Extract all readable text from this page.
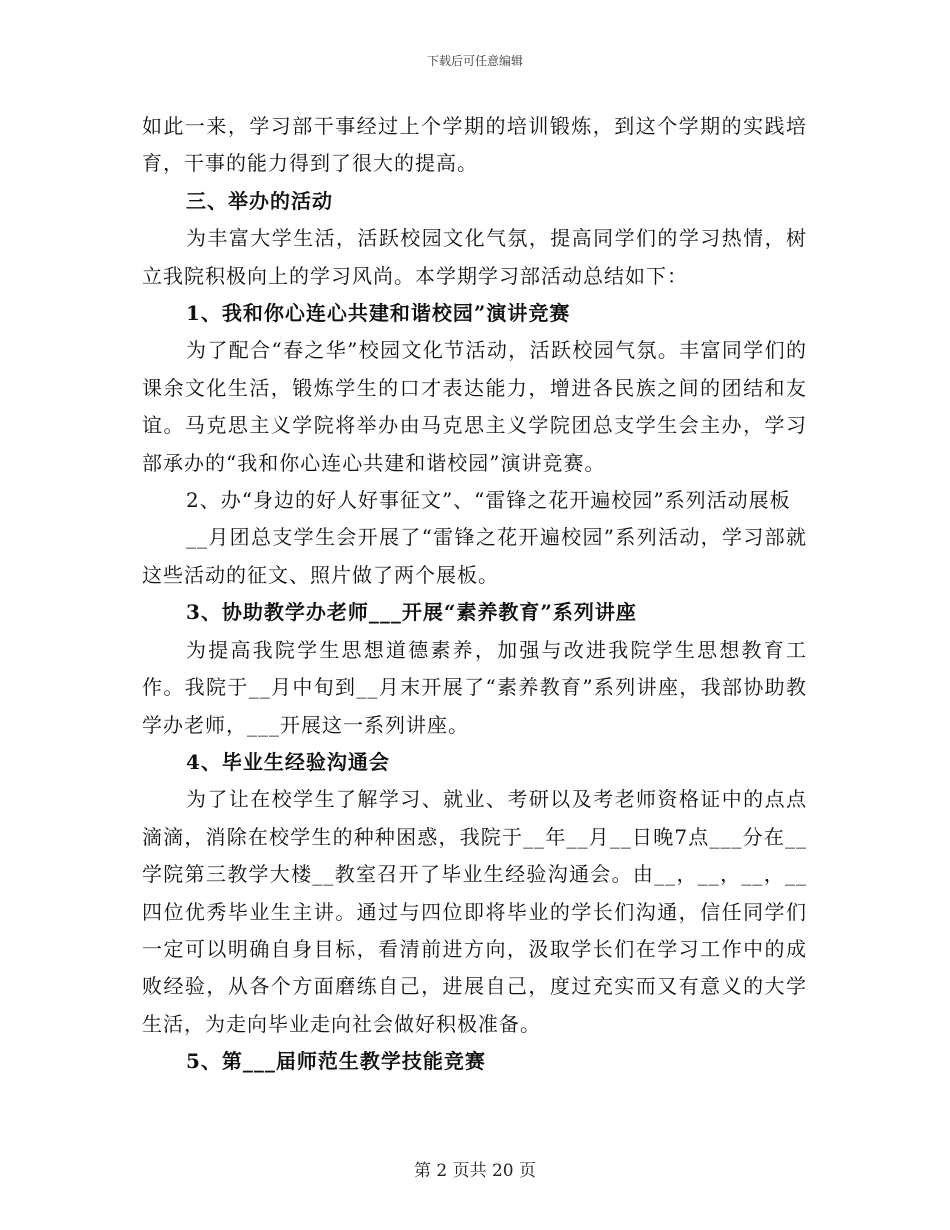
下载后可任意编辑

如此一来，学习部干事经过上个学期的培训锻炼，到这个学期的实践培育，干事的能力得到了很大的提高。

三、举办的活动

为丰富大学生活，活跃校园文化气氛，提高同学们的学习热情，树立我院积极向上的学习风尚。本学期学习部活动总结如下：

1、我和你心连心共建和谐校园”演讲竞赛

为了配合“春之华”校园文化节活动，活跃校园气氛。丰富同学们的课余文化生活，锻炼学生的口才表达能力，增进各民族之间的团结和友谊。马克思主义学院将举办由马克思主义学院团总支学生会主办，学习部承办的“我和你心连心共建和谐校园”演讲竞赛。

2、办“身边的好人好事征文”、“雷锋之花开遍校园”系列活动展板

__月团总支学生会开展了“雷锋之花开遍校园”系列活动，学习部就这些活动的征文、照片做了两个展板。

3、协助教学办老师___开展“素养教育”系列讲座

为提高我院学生思想道德素养，加强与改进我院学生思想教育工作。我院于__月中旬到__月末开展了“素养教育”系列讲座，我部协助教学办老师，___开展这一系列讲座。

4、毕业生经验沟通会

为了让在校学生了解学习、就业、考研以及考老师资格证中的点点滴滴，消除在校学生的种种困惑，我院于__年__月__日晚7点___分在__学院第三教学大楼__教室召开了毕业生经验沟通会。由__，__，__，__四位优秀毕业生主讲。通过与四位即将毕业的学长们沟通，信任同学们一定可以明确自身目标，看清前进方向，汲取学长们在学习工作中的成败经验，从各个方面磨练自己，进展自己，度过充实而又有意义的大学生活，为走向毕业走向社会做好积极准备。

5、第___届师范生教学技能竞赛

第 2 页共 20 页
